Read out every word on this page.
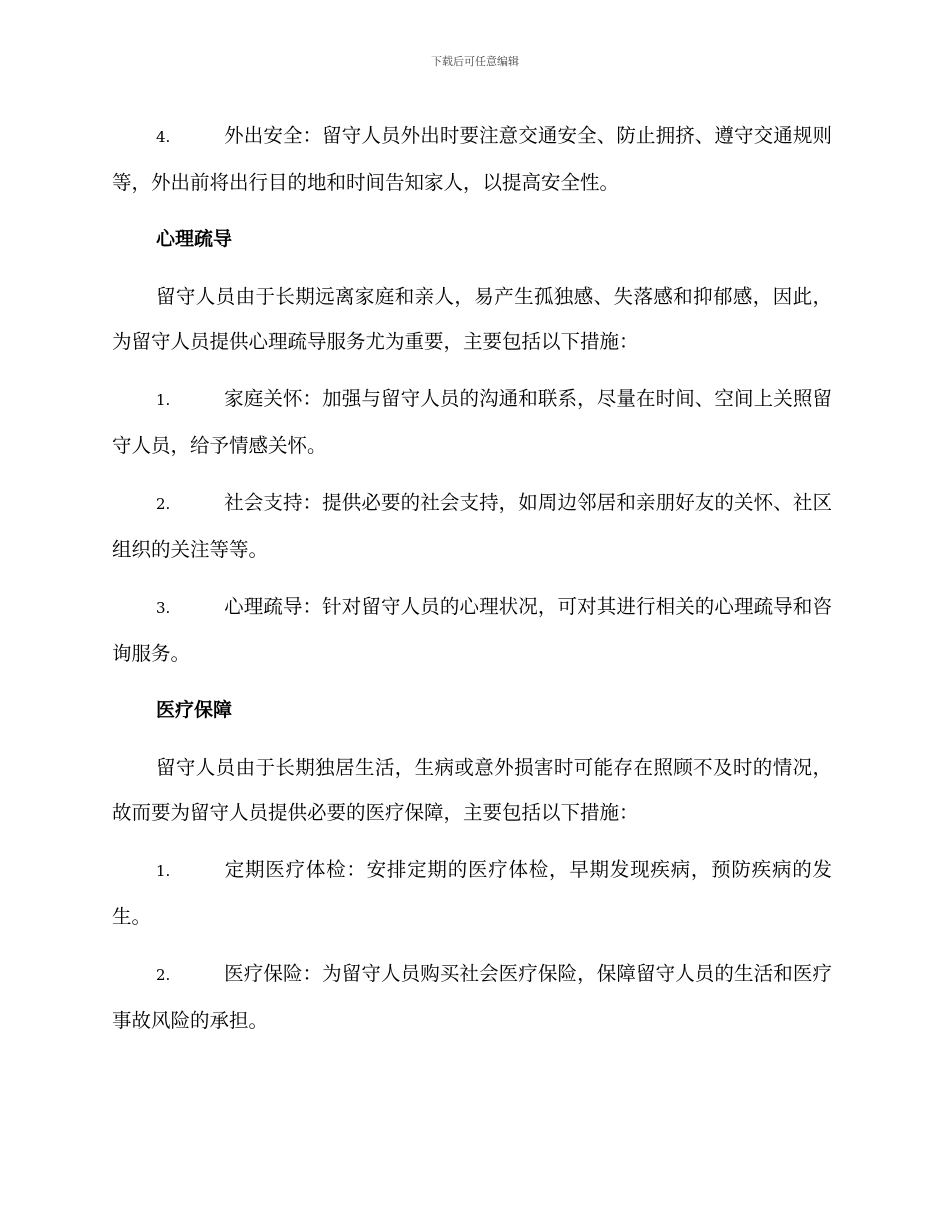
下载后可任意编辑

4.	外出安全：留守人员外出时要注意交通安全、防止拥挤、遵守交通规则等，外出前将出行目的地和时间告知家人，以提高安全性。

心理疏导

留守人员由于长期远离家庭和亲人，易产生孤独感、失落感和抑郁感，因此，为留守人员提供心理疏导服务尤为重要，主要包括以下措施：

1.	家庭关怀：加强与留守人员的沟通和联系，尽量在时间、空间上关照留守人员，给予情感关怀。

2.	社会支持：提供必要的社会支持，如周边邻居和亲朋好友的关怀、社区组织的关注等等。

3.	心理疏导：针对留守人员的心理状况，可对其进行相关的心理疏导和咨询服务。

医疗保障

留守人员由于长期独居生活，生病或意外损害时可能存在照顾不及时的情况，故而要为留守人员提供必要的医疗保障，主要包括以下措施：

1.	定期医疗体检：安排定期的医疗体检，早期发现疾病，预防疾病的发生。

2.	医疗保险：为留守人员购买社会医疗保险，保障留守人员的生活和医疗事故风险的承担。
